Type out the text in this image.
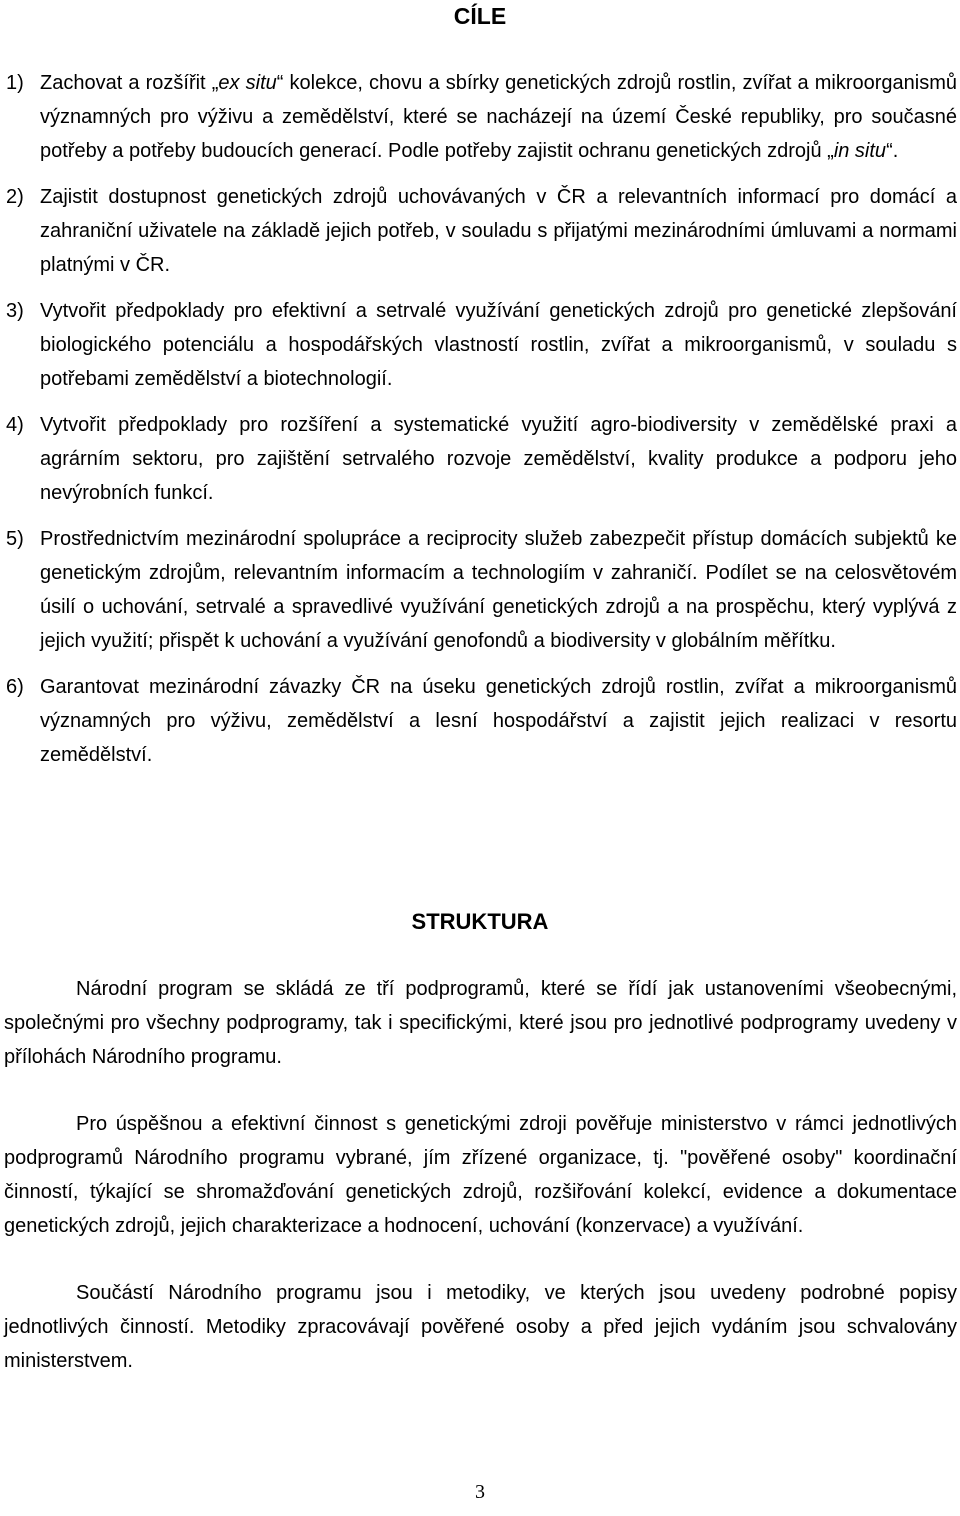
CÍLE
1) Zachovat a rozšířit „ex situ“ kolekce, chovu a sbírky genetických zdrojů rostlin, zvířat a mikroorganismů významných pro výživu a zemědělství, které se nacházejí na území České republiky, pro současné potřeby a potřeby budoucích generací. Podle potřeby zajistit ochranu genetických zdrojů „in situ“.
2) Zajistit dostupnost genetických zdrojů uchovávaných v ČR a relevantních informací pro domácí a zahraniční uživatele na základě jejich potřeb, v souladu s přijatými mezinárodními úmluvami a normami platnými v ČR.
3) Vytvořit předpoklady pro efektivní a setrvalé využívání genetických zdrojů pro genetické zlepšování biologického potenciálu a hospodářských vlastností rostlin, zvířat a mikroorganismů, v souladu s potřebami zemědělství a biotechnologií.
4) Vytvořit předpoklady pro rozšíření a systematické využití agro-biodiversity v zemědělské praxi a agrárním sektoru, pro zajištění setrvalého rozvoje zemědělství, kvality produkce a podporu jeho nevýrobních funkcí.
5) Prostřednictvím mezinárodní spolupráce a reciprocity služeb zabezpečit přístup domácích subjektů ke genetickým zdrojům, relevantním informacím a technologiím v zahraničí. Podílet se na celosvětovém úsilí o uchování, setrvalé a spravedlivé využívání genetických zdrojů a na prospěchu, který vyplývá z jejich využití; přispět k uchování a využívání genofondů a biodiversity v globálním měřítku.
6) Garantovat mezinárodní závazky ČR na úseku genetických zdrojů rostlin, zvířat a mikroorganismů významných pro výživu, zemědělství a lesní hospodářství a zajistit jejich realizaci v resortu zemědělství.
STRUKTURA

Národní program se skládá ze tří podprogramů, které se řídí jak ustanoveními všeobecnými, společnými pro všechny podprogramy, tak i specifickými, které jsou pro jednotlivé podprogramy uvedeny v přílohách Národního programu.

Pro úspěšnou a efektivní činnost s genetickými zdroji pověřuje ministerstvo v rámci jednotlivých podprogramů Národního programu vybrané, jím zřízené organizace, tj. "pověřené osoby" koordinační činností, týkající se shromažďování genetických zdrojů, rozšiřování kolekcí, evidence a dokumentace genetických zdrojů, jejich charakterizace a hodnocení, uchování (konzervace) a využívání.

Součástí Národního programu jsou i metodiky, ve kterých jsou uvedeny podrobné popisy jednotlivých činností. Metodiky zpracovávají pověřené osoby a před jejich vydáním jsou schvalovány ministerstvem.

3
